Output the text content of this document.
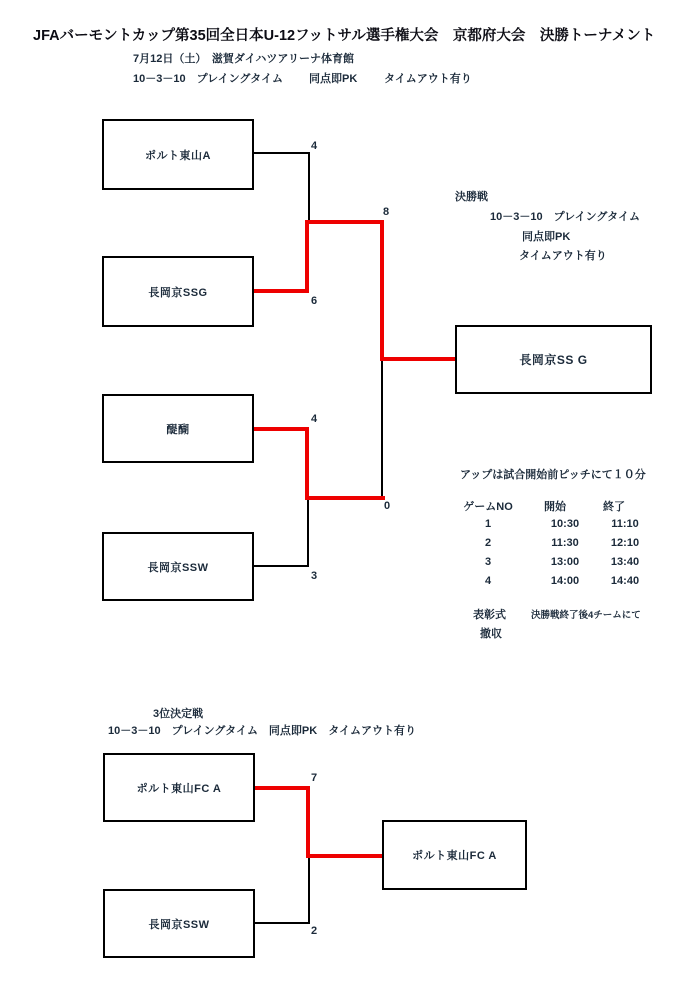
JFAバーモントカップ第35回全日本U-12フットサル選手権大会　京都府大会　決勝トーナメント
7月12日（土）　滋賀ダイハツアリーナ体育館
10－3－10　プレイングタイム 同点即PK タイムアウト有り
ポルト東山A
長岡京SSG
醍醐
長岡京SSW
長岡京SS G
4
6
8
4
3
0
決勝戦
10－3－10　プレイングタイム
同点即PK
タイムアウト有り
アップは試合開始前ピッチにて１０分
ゲームNO	開始	終了
1	10:30	11:10
2	11:30	12:10
3	13:00	13:40
4	14:00	14:40
表彰式	決勝戦終了後4チームにて
撤収
3位決定戦
10－3－10　プレイングタイム　同点即PK　タイムアウト有り
ポルト東山FC A
長岡京SSW
ポルト東山FC A
7
2
